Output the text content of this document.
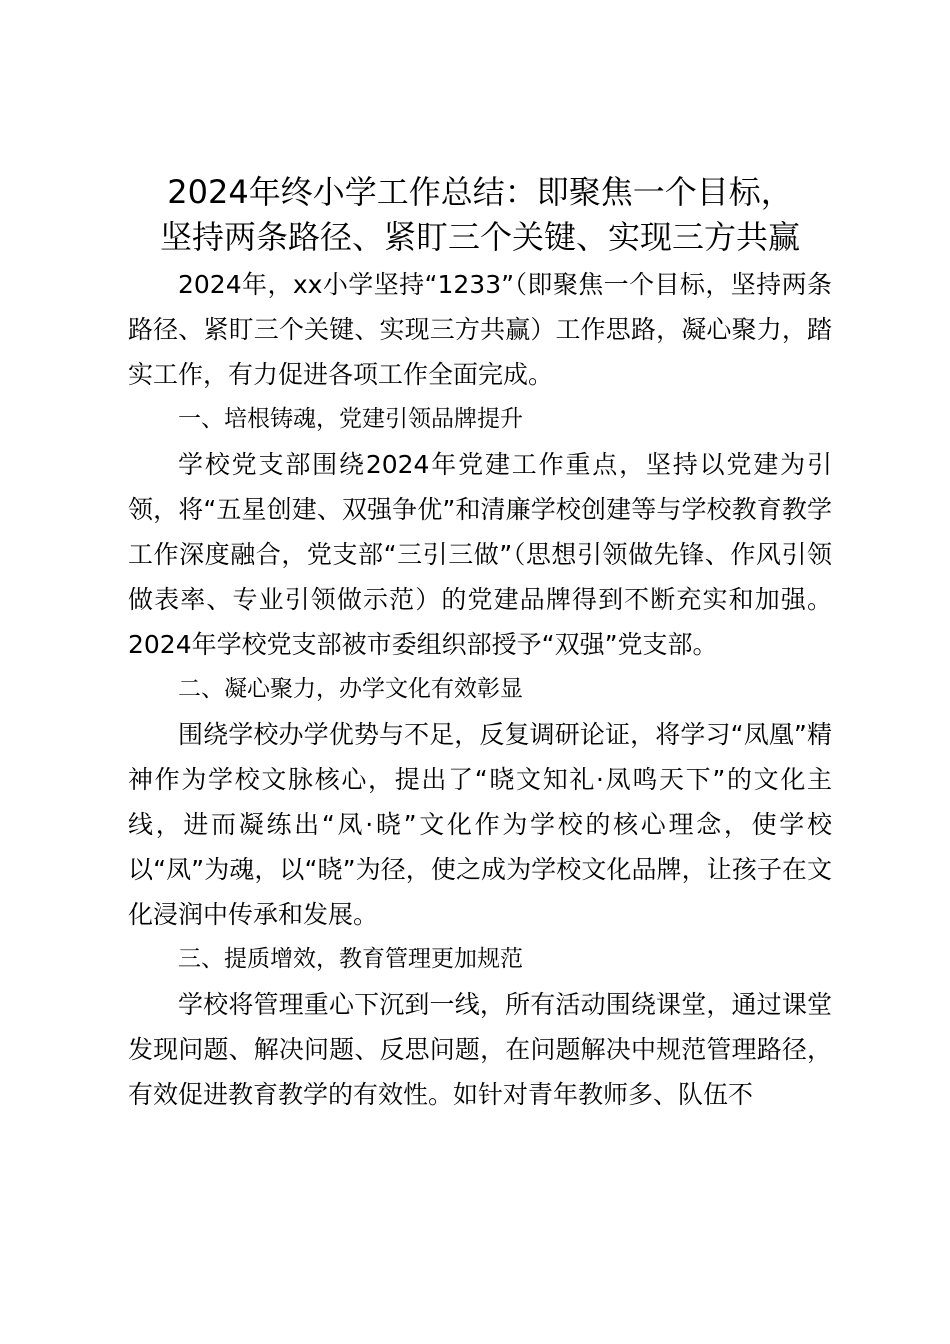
2024年终小学工作总结：即聚焦一个目标，
坚持两条路径、紧盯三个关键、实现三方共赢

2024年，xx小学坚持“1233”（即聚焦一个目标，坚持两条路径、紧盯三个关键、实现三方共赢）工作思路，凝心聚力，踏实工作，有力促进各项工作全面完成。

一、培根铸魂，党建引领品牌提升

学校党支部围绕2024年党建工作重点，坚持以党建为引领，将“五星创建、双强争优”和清廉学校创建等与学校教育教学工作深度融合，党支部“三引三做”（思想引领做先锋、作风引领做表率、专业引领做示范）的党建品牌得到不断充实和加强。2024年学校党支部被市委组织部授予“双强”党支部。

二、凝心聚力，办学文化有效彰显

围绕学校办学优势与不足，反复调研论证，将学习“凤凰”精神作为学校文脉核心，提出了“晓文知礼·凤鸣天下”的文化主线，进而凝练出“凤·晓”文化作为学校的核心理念，使学校以“凤”为魂，以“晓”为径，使之成为学校文化品牌，让孩子在文化浸润中传承和发展。

三、提质增效，教育管理更加规范

学校将管理重心下沉到一线，所有活动围绕课堂，通过课堂发现问题、解决问题、反思问题，在问题解决中规范管理路径，有效促进教育教学的有效性。如针对青年教师多、队伍不
